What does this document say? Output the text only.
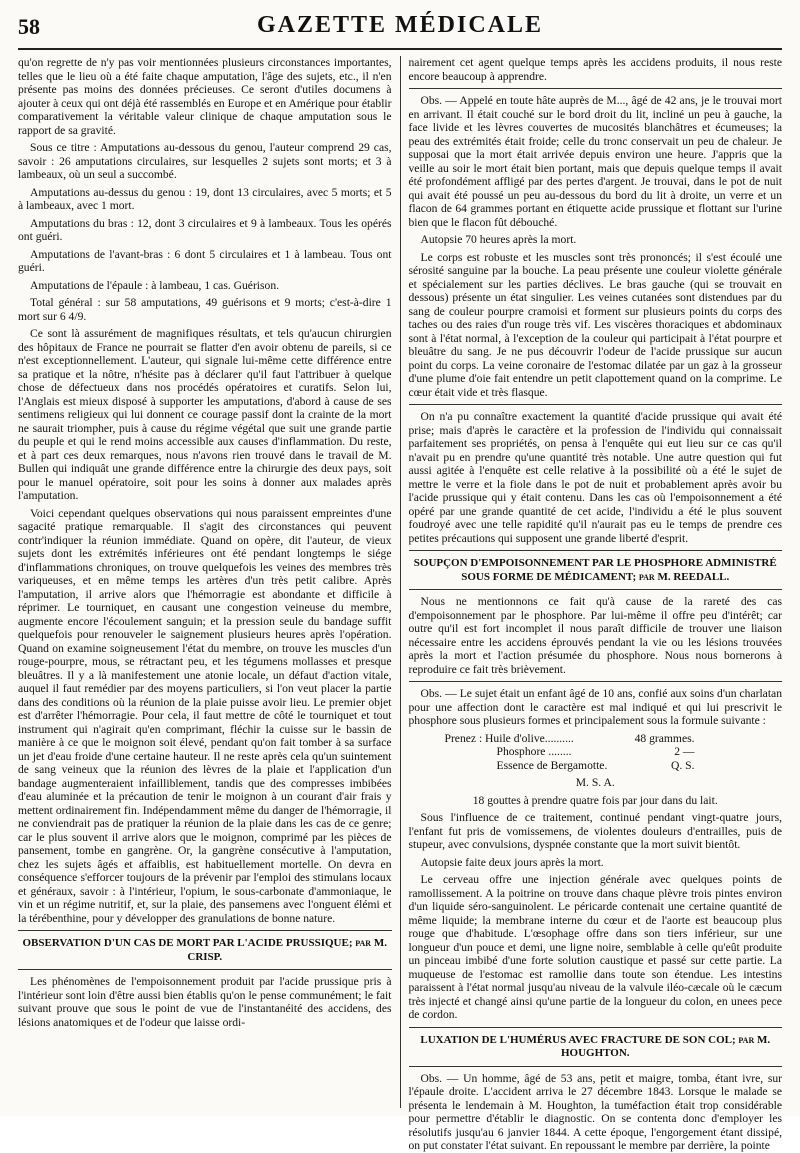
58	GAZETTE MÉDICALE

qu'on regrette de n'y pas voir mentionnées plusieurs circonstances importantes, telles que le lieu où a été faite chaque amputation, l'âge des sujets, etc., il n'en présente pas moins des données précieuses. Ce seront d'utiles documens à ajouter à ceux qui ont déjà été rassemblés en Europe et en Amérique pour établir comparativement la véritable valeur clinique de chaque amputation sous le rapport de sa gravité.

Sous ce titre : Amputations au-dessous du genou, l'auteur comprend 29 cas, savoir : 26 amputations circulaires, sur lesquelles 2 sujets sont morts; et 3 à lambeaux, où un seul a succombé.

Amputations au-dessus du genou : 19, dont 13 circulaires, avec 5 morts; et 5 à lambeaux, avec 1 mort.

Amputations du bras : 12, dont 3 circulaires et 9 à lambeaux. Tous les opérés ont guéri.

Amputations de l'avant-bras : 6 dont 5 circulaires et 1 à lambeau. Tous ont guéri.

Amputations de l'épaule : à lambeau, 1 cas. Guérison.

Total général : sur 58 amputations, 49 guérisons et 9 morts; c'est-à-dire 1 mort sur 6 4/9.

Ce sont là assurément de magnifiques résultats, et tels qu'aucun chirurgien des hôpitaux de France ne pourrait se flatter d'en avoir obtenu de pareils, si ce n'est exceptionnellement. L'auteur, qui signale lui-même cette différence entre sa pratique et la nôtre, n'hésite pas à déclarer qu'il faut l'attribuer à quelque chose de défectueux dans nos procédés opératoires et curatifs. Selon lui, l'Anglais est mieux disposé à supporter les amputations, d'abord à cause de ses sentimens religieux qui lui donnent ce courage passif dont la crainte de la mort ne saurait triompher, puis à cause du régime végétal que suit une grande partie du peuple et qui le rend moins accessible aux causes d'inflammation. Du reste, et à part ces deux remarques, nous n'avons rien trouvé dans le travail de M. Bullen qui indiquât une grande différence entre la chirurgie des deux pays, soit pour le manuel opératoire, soit pour les soins à donner aux malades après l'amputation.

Voici cependant quelques observations qui nous paraissent empreintes d'une sagacité pratique remarquable. Il s'agit des circonstances qui peuvent contr'indiquer la réunion immédiate. Quand on opère, dit l'auteur, de vieux sujets dont les extrémités inférieures ont été pendant longtemps le siége d'inflammations chroniques, on trouve quelquefois les veines des membres très variqueuses, et en même temps les artères d'un très petit calibre. Après l'amputation, il arrive alors que l'hémorragie est abondante et difficile à réprimer. Le tourniquet, en causant une congestion veineuse du membre, augmente encore l'écoulement sanguin; et la pression seule du bandage suffit quelquefois pour renouveler le saignement plusieurs heures après l'opération. Quand on examine soigneusement l'état du membre, on trouve les muscles d'un rouge-pourpre, mous, se rétractant peu, et les tégumens mollasses et presque bleuâtres. Il y a là manifestement une atonie locale, un défaut d'action vitale, auquel il faut remédier par des moyens particuliers, si l'on veut placer la partie dans des conditions où la réunion de la plaie puisse avoir lieu. Le premier objet est d'arrêter l'hémorragie. Pour cela, il faut mettre de côté le tourniquet et tout instrument qui n'agirait qu'en comprimant, fléchir la cuisse sur le bassin de manière à ce que le moignon soit élevé, pendant qu'on fait tomber à sa surface un jet d'eau froide d'une certaine hauteur. Il ne reste après cela qu'un suintement de sang veineux que la réunion des lèvres de la plaie et l'application d'un bandage augmenteraient infailliblement, tandis que des compresses imbibées d'eau aluminée et la précaution de tenir le moignon à un courant d'air frais y mettent ordinairement fin. Indépendamment même du danger de l'hémorragie, il ne conviendrait pas de pratiquer la réunion de la plaie dans les cas de ce genre; car le plus souvent il arrive alors que le moignon, comprimé par les pièces de pansement, tombe en gangrène. Or, la gangrène consécutive à l'amputation, chez les sujets âgés et affaiblis, est habituellement mortelle. On devra en conséquence s'efforcer toujours de la prévenir par l'emploi des stimulans locaux et généraux, savoir : à l'intérieur, l'opium, le sous-carbonate d'ammoniaque, le vin et un régime nutritif, et, sur la plaie, des pansemens avec l'onguent élémi et la térébenthine, pour y développer des granulations de bonne nature.

OBSERVATION D'UN CAS DE MORT PAR L'ACIDE PRUSSIQUE; par M. CRISP.

Les phénomènes de l'empoisonnement produit par l'acide prussique pris à l'intérieur sont loin d'être aussi bien établis qu'on le pense communément; le fait suivant prouve que sous le point de vue de l'instantanéité des accidens, des lésions anatomiques et de l'odeur que laisse ordi-

nairement cet agent quelque temps après les accidens produits, il nous reste encore beaucoup à apprendre.

Obs. — Appelé en toute hâte auprès de M..., âgé de 42 ans, je le trouvai mort en arrivant. Il était couché sur le bord droit du lit, incliné un peu à gauche, la face livide et les lèvres couvertes de mucosités blanchâtres et écumeuses; la peau des extrémités était froide; celle du tronc conservait un peu de chaleur. Je supposai que la mort était arrivée depuis environ une heure. J'appris que la veille au soir le mort était bien portant, mais que depuis quelque temps il avait été profondément affligé par des pertes d'argent. Je trouvai, dans le pot de nuit qui avait été poussé un peu au-dessous du bord du lit à droite, un verre et un flacon de 64 grammes portant en étiquette acide prussique et flottant sur l'urine bien que le flacon fût débouché.

Autopsie 70 heures après la mort.

Le corps est robuste et les muscles sont très prononcés; il s'est écoulé une sérosité sanguine par la bouche. La peau présente une couleur violette générale et spécialement sur les parties déclives. Le bras gauche (qui se trouvait en dessous) présente un état singulier. Les veines cutanées sont distendues par du sang de couleur pourpre cramoisi et forment sur plusieurs points du corps des taches ou des raies d'un rouge très vif. Les viscères thoraciques et abdominaux sont à l'état normal, à l'exception de la couleur qui participait à l'état pourpre et bleuâtre du sang. Je ne pus découvrir l'odeur de l'acide prussique sur aucun point du corps. La veine coronaire de l'estomac dilatée par un gaz à la grosseur d'une plume d'oie fait entendre un petit clapottement quand on la comprime. Le cœur était vide et très flasque.

On n'a pu connaître exactement la quantité d'acide prussique qui avait été prise; mais d'après le caractère et la profession de l'individu qui connaissait parfaitement ses propriétés, on pensa à l'enquête qui eut lieu sur ce cas qu'il n'avait pu en prendre qu'une quantité très notable. Une autre question qui fut aussi agitée à l'enquête est celle relative à la possibilité où a été le sujet de mettre le verre et la fiole dans le pot de nuit et probablement après avoir bu l'acide prussique qui y était contenu. Dans les cas où l'empoisonnement a été opéré par une grande quantité de cet acide, l'individu a été le plus souvent foudroyé avec une telle rapidité qu'il n'aurait pas eu le temps de prendre ces petites précautions qui supposent une grande liberté d'esprit.

SOUPÇON D'EMPOISONNEMENT PAR LE PHOSPHORE ADMINISTRÉ SOUS FORME DE MÉDICAMENT; par M. REEDALL.

Nous ne mentionnons ce fait qu'à cause de la rareté des cas d'empoisonnement par le phosphore. Par lui-même il offre peu d'intérêt; car outre qu'il est fort incomplet il nous paraît difficile de trouver une liaison nécessaire entre les accidens éprouvés pendant la vie ou les lésions trouvées après la mort et l'action présumée du phosphore. Nous nous bornerons à reproduire ce fait très brièvement.

Obs. — Le sujet était un enfant âgé de 10 ans, confié aux soins d'un charlatan pour une affection dont le caractère est mal indiqué et qui lui prescrivit le phosphore sous plusieurs formes et principalement sous la formule suivante :

Prenez : Huile d'olive..........	48 grammes.
Phosphore ........	2 —
Essence de Bergamotte.	Q. S.

M. S. A.

18 gouttes à prendre quatre fois par jour dans du lait.

Sous l'influence de ce traitement, continué pendant vingt-quatre jours, l'enfant fut pris de vomissemens, de violentes douleurs d'entrailles, puis de stupeur, avec convulsions, dyspnée constante que la mort suivit bientôt.

Autopsie faite deux jours après la mort.

Le cerveau offre une injection générale avec quelques points de ramollissement. A la poitrine on trouve dans chaque plèvre trois pintes environ d'un liquide séro-sanguinolent. Le péricarde contenait une certaine quantité de même liquide; la membrane interne du cœur et de l'aorte est beaucoup plus rouge que d'habitude. L'œsophage offre dans son tiers inférieur, sur une longueur d'un pouce et demi, une ligne noire, semblable à celle qu'eût produite un pinceau imbibé d'une forte solution caustique et passé sur cette partie. La muqueuse de l'estomac est ramollie dans toute son étendue. Les intestins paraissent à l'état normal jusqu'au niveau de la valvule iléo-cæcale où le cæcum très injecté et changé ainsi qu'une partie de la longueur du colon, en unees pece de cordon.

LUXATION DE L'HUMÉRUS AVEC FRACTURE DE SON COL; par M. HOUGHTON.

Obs. — Un homme, âgé de 53 ans, petit et maigre, tomba, étant ivre, sur l'épaule droite. L'accident arriva le 27 décembre 1843. Lorsque le malade se présenta le lendemain à M. Houghton, la tuméfaction était trop considérable pour permettre d'établir le diagnostic. On se contenta donc d'employer les résolutifs jusqu'au 6 janvier 1844. A cette époque, l'engorgement étant dissipé, on put constater l'état suivant. En repoussant le membre par derrière, la pointe
